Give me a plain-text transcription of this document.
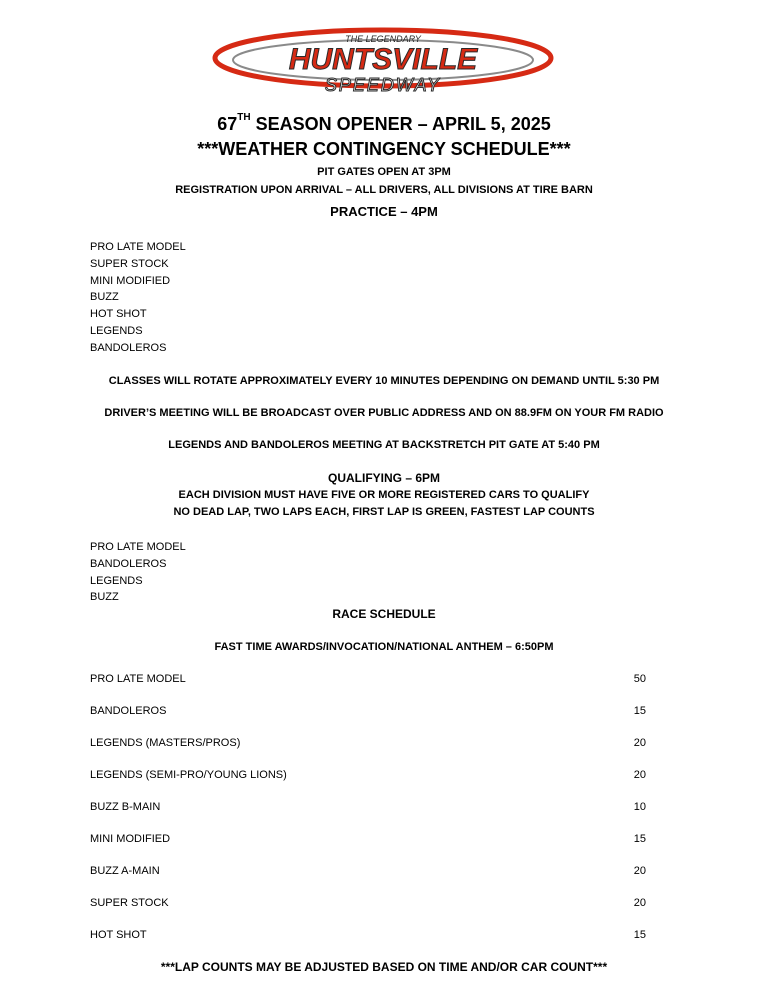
THE LEGENDARY
HUNTSVILLE
SPEEDWAY
67TH SEASON OPENER – APRIL 5, 2025
***WEATHER CONTINGENCY SCHEDULE***
PIT GATES OPEN AT 3PM
REGISTRATION UPON ARRIVAL – ALL DRIVERS, ALL DIVISIONS AT TIRE BARN
PRACTICE – 4PM
PRO LATE MODEL
SUPER STOCK
MINI MODIFIED
BUZZ
HOT SHOT
LEGENDS
BANDOLEROS
CLASSES WILL ROTATE APPROXIMATELY EVERY 10 MINUTES DEPENDING ON DEMAND UNTIL 5:30 PM
DRIVER’S MEETING WILL BE BROADCAST OVER PUBLIC ADDRESS AND ON 88.9FM ON YOUR FM RADIO
LEGENDS AND BANDOLEROS MEETING AT BACKSTRETCH PIT GATE AT 5:40 PM
QUALIFYING – 6PM
EACH DIVISION MUST HAVE FIVE OR MORE REGISTERED CARS TO QUALIFY
NO DEAD LAP, TWO LAPS EACH, FIRST LAP IS GREEN, FASTEST LAP COUNTS
PRO LATE MODEL
BANDOLEROS
LEGENDS
BUZZ
RACE SCHEDULE
FAST TIME AWARDS/INVOCATION/NATIONAL ANTHEM – 6:50PM
PRO LATE MODEL	50
BANDOLEROS	15
LEGENDS (MASTERS/PROS)	20
LEGENDS (SEMI-PRO/YOUNG LIONS)	20
BUZZ B-MAIN	10
MINI MODIFIED	15
BUZZ A-MAIN	20
SUPER STOCK	20
HOT SHOT	15
***LAP COUNTS MAY BE ADJUSTED BASED ON TIME AND/OR CAR COUNT***
